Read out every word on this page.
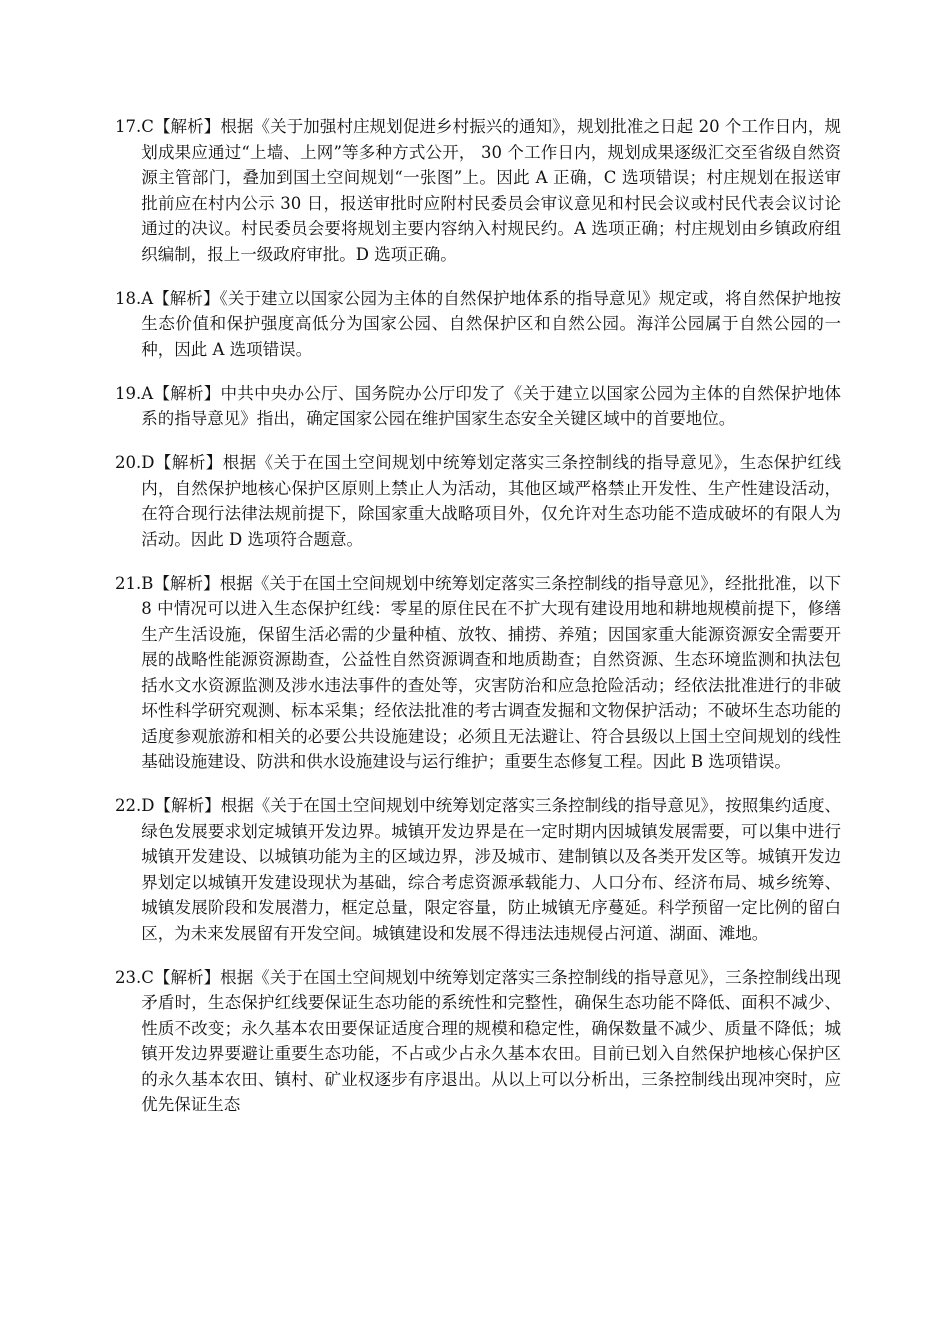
17. C【解析】根据《关于加强村庄规划促进乡村振兴的通知》，规划批准之日起 20 个工作日内，规划成果应通过“上墙、上网”等多种方式公开， 30 个工作日内，规划成果逐级汇交至省级自然资源主管部门，叠加到国土空间规划“一张图”上。因此 A 正确，C 选项错误；村庄规划在报送审批前应在村内公示 30 日，报送审批时应附村民委员会审议意见和村民会议或村民代表会议讨论通过的决议。村民委员会要将规划主要内容纳入村规民约。A 选项正确；村庄规划由乡镇政府组织编制，报上一级政府审批。D 选项正确。
18. A【解析】《关于建立以国家公园为主体的自然保护地体系的指导意见》规定或，将自然保护地按生态价值和保护强度高低分为国家公园、自然保护区和自然公园。海洋公园属于自然公园的一种，因此 A 选项错误。
19. A【解析】中共中央办公厅、国务院办公厅印发了《关于建立以国家公园为主体的自然保护地体系的指导意见》指出，确定国家公园在维护国家生态安全关键区域中的首要地位。
20. D【解析】根据《关于在国土空间规划中统筹划定落实三条控制线的指导意见》，生态保护红线内，自然保护地核心保护区原则上禁止人为活动，其他区域严格禁止开发性、生产性建设活动，在符合现行法律法规前提下，除国家重大战略项目外，仅允许对生态功能不造成破坏的有限人为活动。因此 D 选项符合题意。
21. B【解析】根据《关于在国土空间规划中统筹划定落实三条控制线的指导意见》，经批批准，以下 8 中情况可以进入生态保护红线：零星的原住民在不扩大现有建设用地和耕地规模前提下，修缮生产生活设施，保留生活必需的少量种植、放牧、捕捞、养殖；因国家重大能源资源安全需要开展的战略性能源资源勘查，公益性自然资源调查和地质勘查；自然资源、生态环境监测和执法包括水文水资源监测及涉水违法事件的查处等，灾害防治和应急抢险活动；经依法批准进行的非破坏性科学研究观测、标本采集；经依法批准的考古调查发掘和文物保护活动；不破坏生态功能的适度参观旅游和相关的必要公共设施建设；必须且无法避让、符合县级以上国土空间规划的线性基础设施建设、防洪和供水设施建设与运行维护；重要生态修复工程。因此 B 选项错误。
22. D【解析】根据《关于在国土空间规划中统筹划定落实三条控制线的指导意见》，按照集约适度、绿色发展要求划定城镇开发边界。城镇开发边界是在一定时期内因城镇发展需要，可以集中进行城镇开发建设、以城镇功能为主的区域边界，涉及城市、建制镇以及各类开发区等。城镇开发边界划定以城镇开发建设现状为基础，综合考虑资源承载能力、人口分布、经济布局、城乡统筹、城镇发展阶段和发展潜力，框定总量，限定容量，防止城镇无序蔓延。科学预留一定比例的留白区，为未来发展留有开发空间。城镇建设和发展不得违法违规侵占河道、湖面、滩地。
23. C【解析】根据《关于在国土空间规划中统筹划定落实三条控制线的指导意见》，三条控制线出现矛盾时，生态保护红线要保证生态功能的系统性和完整性，确保生态功能不降低、面积不减少、性质不改变；永久基本农田要保证适度合理的规模和稳定性，确保数量不减少、质量不降低；城镇开发边界要避让重要生态功能，不占或少占永久基本农田。目前已划入自然保护地核心保护区的永久基本农田、镇村、矿业权逐步有序退出。从以上可以分析出，三条控制线出现冲突时，应优先保证生态
